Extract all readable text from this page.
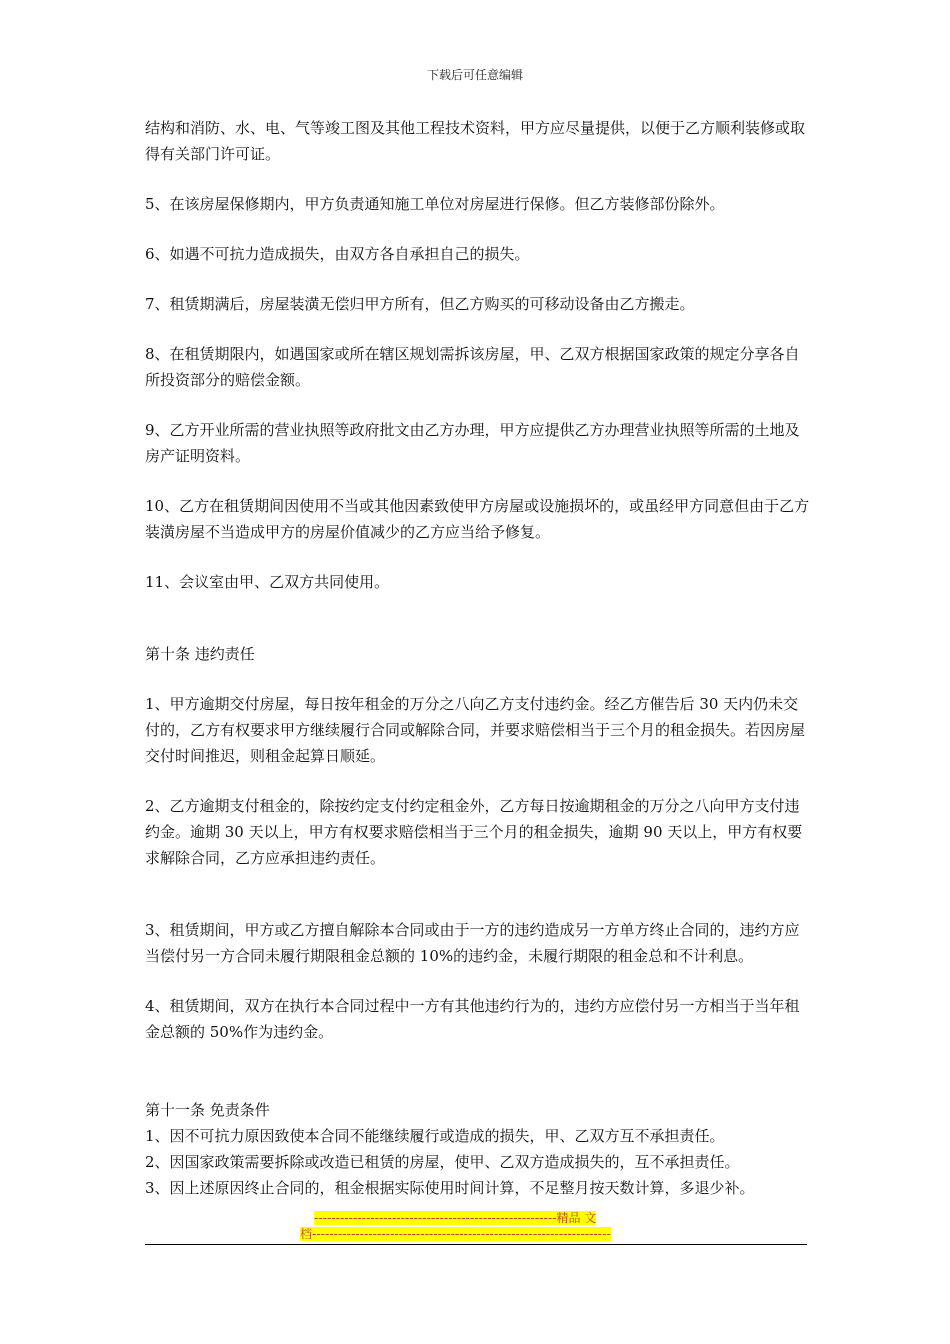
下载后可任意编辑

结构和消防、水、电、气等竣工图及其他工程技术资料，甲方应尽量提供，以便于乙方顺利装修或取得有关部门许可证。

5、在该房屋保修期内，甲方负责通知施工单位对房屋进行保修。但乙方装修部份除外。

6、如遇不可抗力造成损失，由双方各自承担自己的损失。

7、租赁期满后，房屋装潢无偿归甲方所有，但乙方购买的可移动设备由乙方搬走。

8、在租赁期限内，如遇国家或所在辖区规划需拆该房屋，甲、乙双方根据国家政策的规定分享各自所投资部分的赔偿金额。

9、乙方开业所需的营业执照等政府批文由乙方办理，甲方应提供乙方办理营业执照等所需的土地及房产证明资料。

10、乙方在租赁期间因使用不当或其他因素致使甲方房屋或设施损坏的，或虽经甲方同意但由于乙方装潢房屋不当造成甲方的房屋价值减少的乙方应当给予修复。

11、会议室由甲、乙双方共同使用。

第十条 违约责任

1、甲方逾期交付房屋，每日按年租金的万分之八向乙方支付违约金。经乙方催告后 30 天内仍未交付的，乙方有权要求甲方继续履行合同或解除合同，并要求赔偿相当于三个月的租金损失。若因房屋交付时间推迟，则租金起算日顺延。

2、乙方逾期支付租金的，除按约定支付约定租金外，乙方每日按逾期租金的万分之八向甲方支付违约金。逾期 30 天以上，甲方有权要求赔偿相当于三个月的租金损失，逾期 90 天以上，甲方有权要求解除合同，乙方应承担违约责任。

3、租赁期间，甲方或乙方擅自解除本合同或由于一方的违约造成另一方单方终止合同的，违约方应当偿付另一方合同未履行期限租金总额的 10%的违约金，未履行期限的租金总和不计利息。

4、租赁期间，双方在执行本合同过程中一方有其他违约行为的，违约方应偿付另一方相当于当年租金总额的 50%作为违约金。

第十一条 免责条件

1、因不可抗力原因致使本合同不能继续履行或造成的损失，甲、乙双方互不承担责任。

2、因国家政策需要拆除或改造已租赁的房屋，使甲、乙双方造成损失的，互不承担责任。

3、因上述原因终止合同的，租金根据实际使用时间计算，不足整月按天数计算，多退少补。

--------------------------------------------------------精品 文
档---------------------------------------------------------------------
